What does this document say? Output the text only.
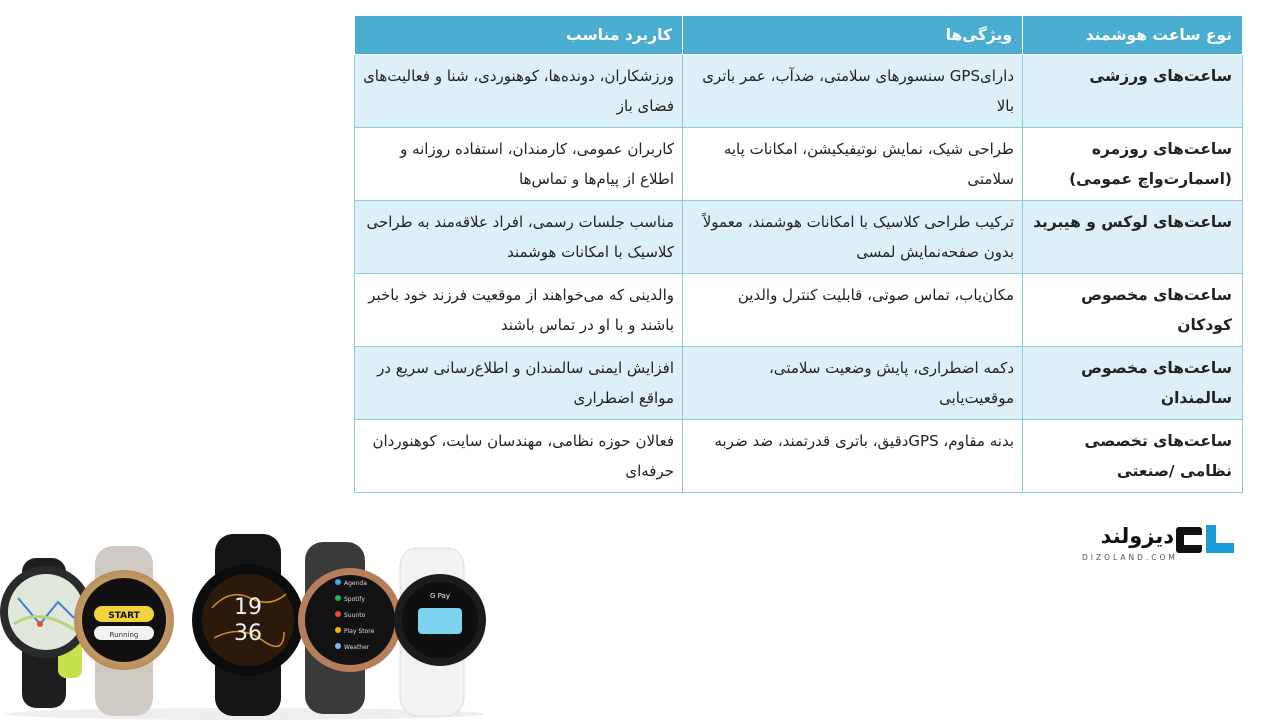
نوع ساعت هوشمند	ویژگی‌ها	کاربرد مناسب
ساعت‌های ورزشی	دارایGPS سنسورهای سلامتی، ضدآب، عمر باتری بالا	ورزشکاران، دونده‌ها، کوهنوردی، شنا و فعالیت‌های فضای باز
ساعت‌های روزمره (اسمارت‌واچ عمومی)	طراحی شیک، نمایش نوتیفیکیشن، امکانات پایه سلامتی	کاربران عمومی، کارمندان، استفاده روزانه و اطلاع از پیام‌ها و تماس‌ها
ساعت‌های لوکس و هیبرید	ترکیب طراحی کلاسیک با امکانات هوشمند، معمولاً بدون صفحه‌نمایش لمسی	مناسب جلسات رسمی، افراد علاقه‌مند به طراحی کلاسیک با امکانات هوشمند
ساعت‌های مخصوص کودکان	مکان‌یاب، تماس صوتی، قابلیت کنترل والدین	والدینی که می‌خواهند از موقعیت فرزند خود باخبر باشند و با او در تماس باشند
ساعت‌های مخصوص سالمندان	دکمه اضطراری، پایش وضعیت سلامتی، موقعیت‌یابی	افزایش ایمنی سالمندان و اطلاع‌رسانی سریع در مواقع اضطراری
ساعت‌های تخصصی نظامی /صنعتی	بدنه مقاوم، GPSدقیق، باتری قدرتمند، ضد ضربه	فعالان حوزه نظامی، مهندسان سایت، کوهنوردان حرفه‌ای
دیزولند
DIZOLAND.COM
START
Running
19
36
Agenda
Spotify
Suunto
Play Store
Weather
G Pay
